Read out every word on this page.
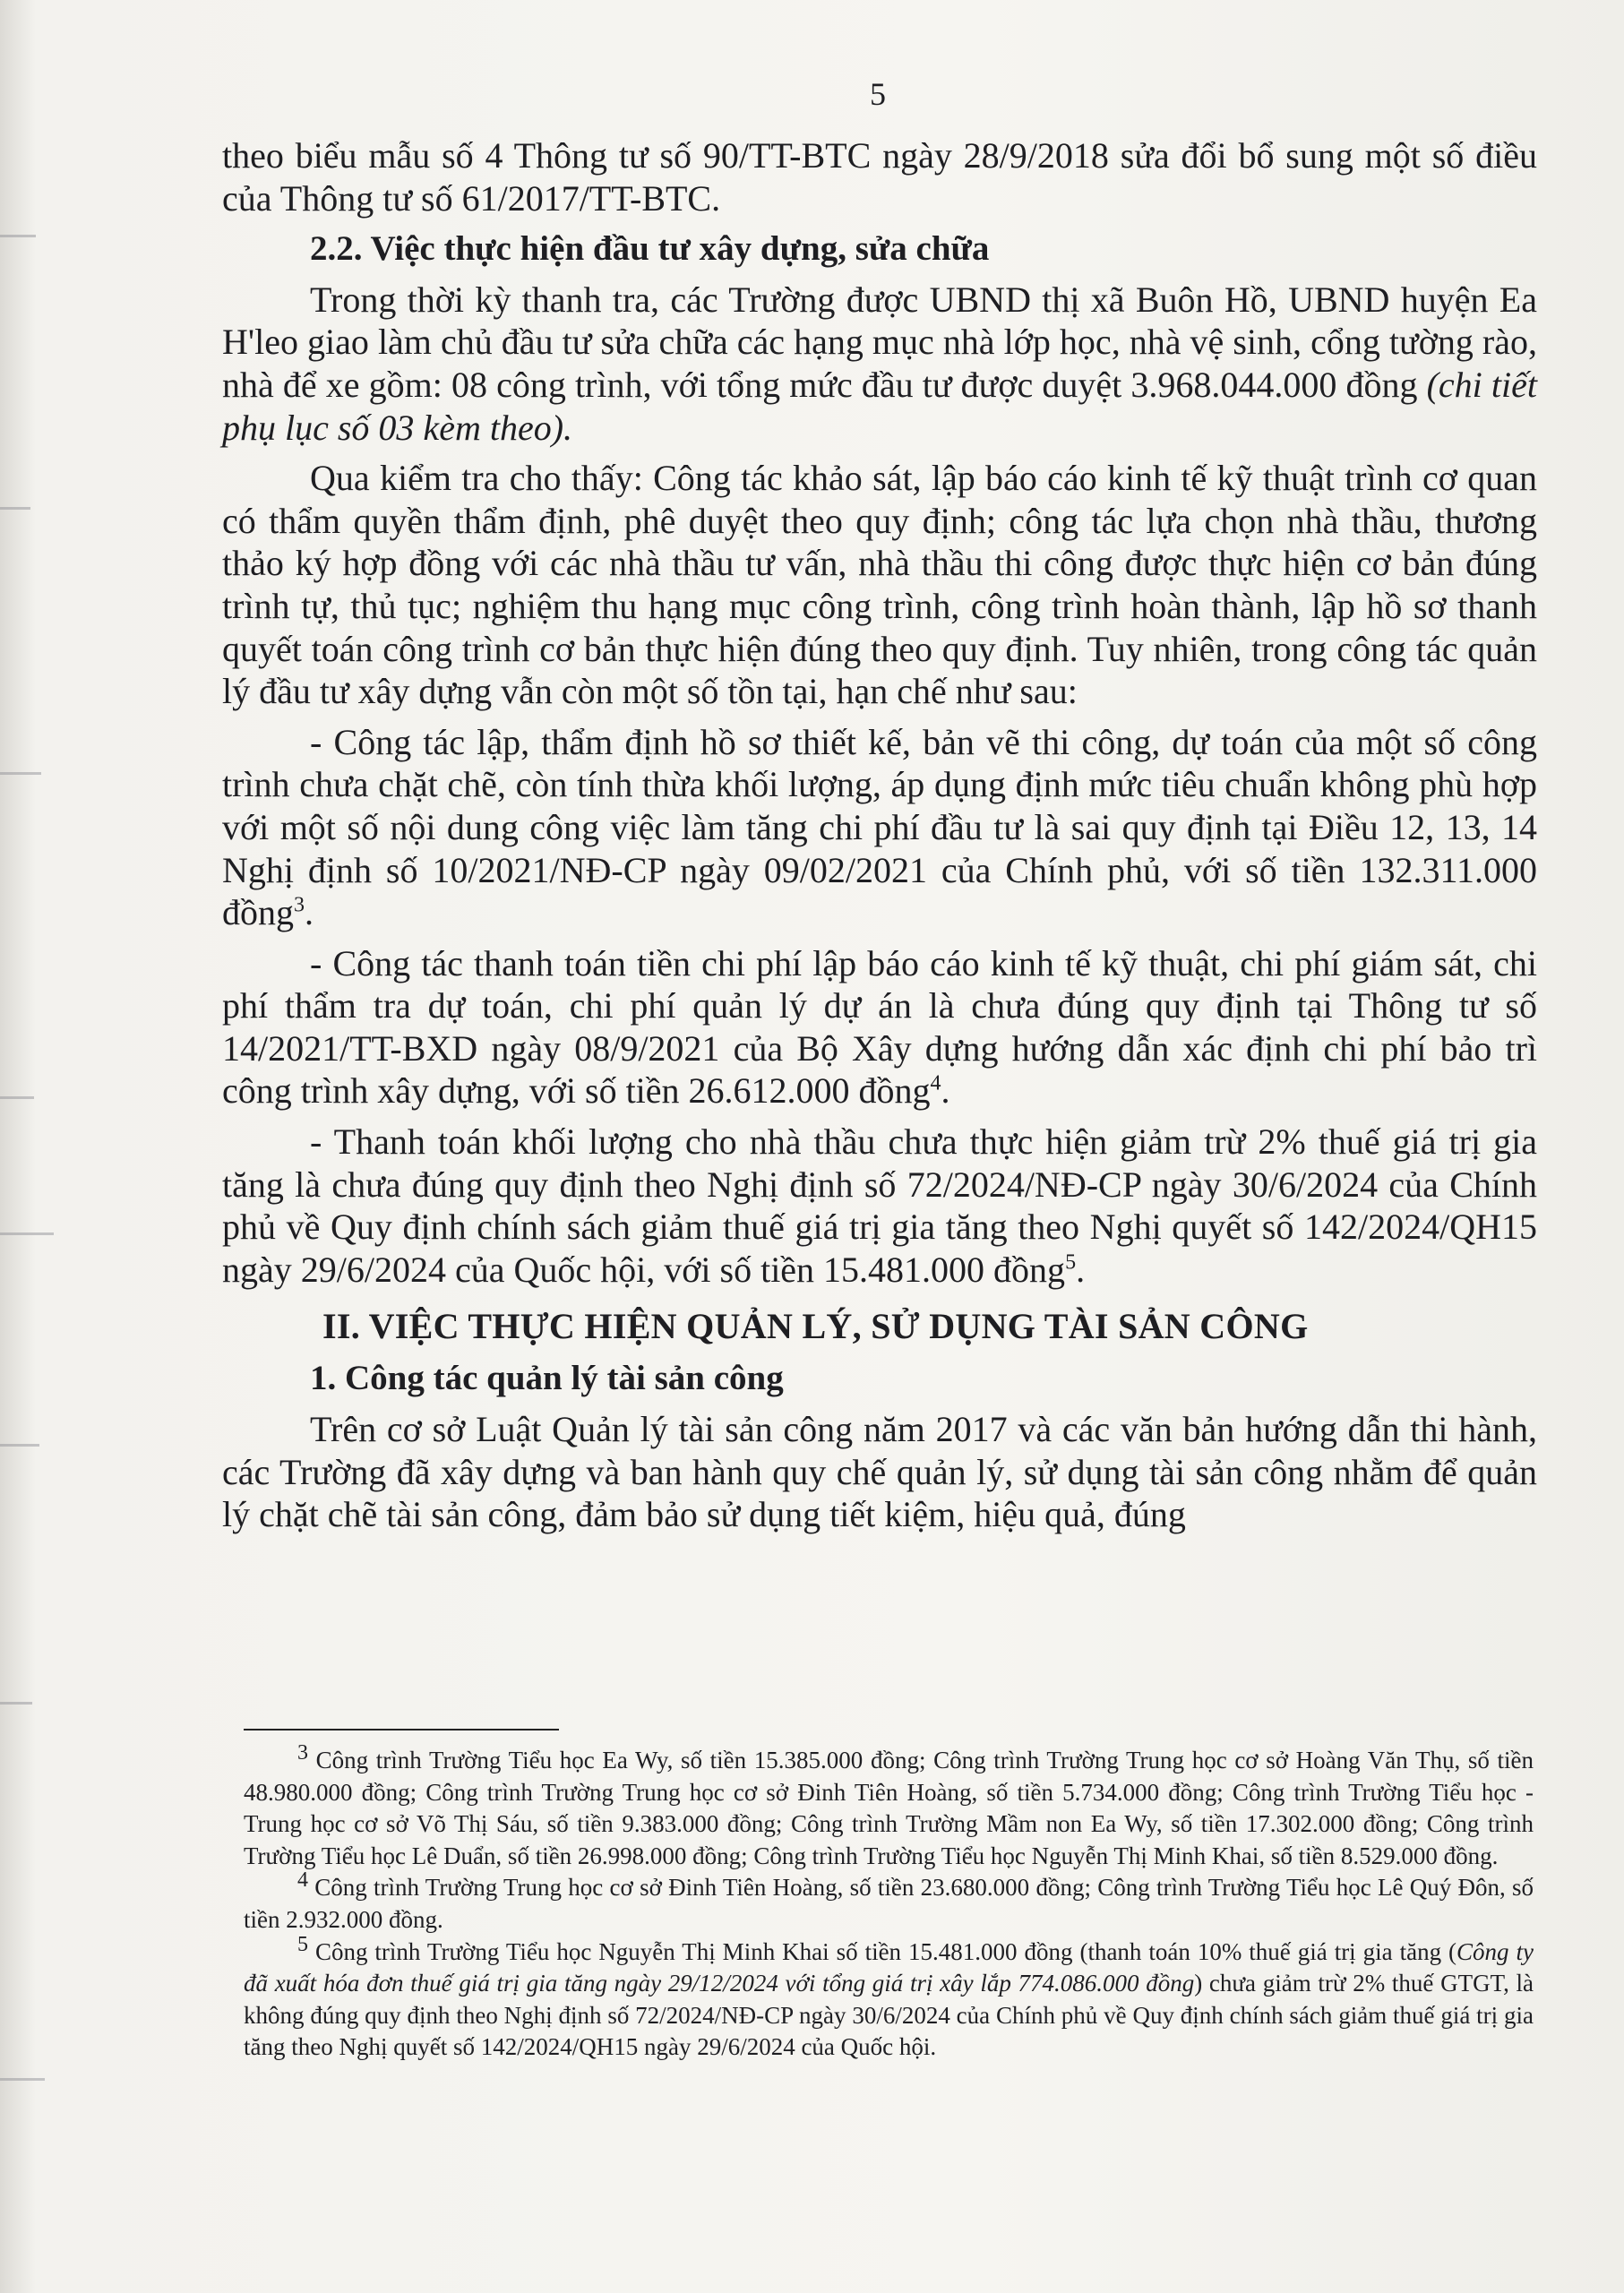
5

theo biểu mẫu số 4 Thông tư số 90/TT-BTC ngày 28/9/2018 sửa đổi bổ sung một số điều của Thông tư số 61/2017/TT-BTC.

2.2. Việc thực hiện đầu tư xây dựng, sửa chữa

Trong thời kỳ thanh tra, các Trường được UBND thị xã Buôn Hồ, UBND huyện Ea H'leo giao làm chủ đầu tư sửa chữa các hạng mục nhà lớp học, nhà vệ sinh, cổng tường rào, nhà để xe gồm: 08 công trình, với tổng mức đầu tư được duyệt 3.968.044.000 đồng (chi tiết phụ lục số 03 kèm theo).

Qua kiểm tra cho thấy: Công tác khảo sát, lập báo cáo kinh tế kỹ thuật trình cơ quan có thẩm quyền thẩm định, phê duyệt theo quy định; công tác lựa chọn nhà thầu, thương thảo ký hợp đồng với các nhà thầu tư vấn, nhà thầu thi công được thực hiện cơ bản đúng trình tự, thủ tục; nghiệm thu hạng mục công trình, công trình hoàn thành, lập hồ sơ thanh quyết toán công trình cơ bản thực hiện đúng theo quy định. Tuy nhiên, trong công tác quản lý đầu tư xây dựng vẫn còn một số tồn tại, hạn chế như sau:

- Công tác lập, thẩm định hồ sơ thiết kế, bản vẽ thi công, dự toán của một số công trình chưa chặt chẽ, còn tính thừa khối lượng, áp dụng định mức tiêu chuẩn không phù hợp với một số nội dung công việc làm tăng chi phí đầu tư là sai quy định tại Điều 12, 13, 14 Nghị định số 10/2021/NĐ-CP ngày 09/02/2021 của Chính phủ, với số tiền 132.311.000 đồng$^3$.

- Công tác thanh toán tiền chi phí lập báo cáo kinh tế kỹ thuật, chi phí giám sát, chi phí thẩm tra dự toán, chi phí quản lý dự án là chưa đúng quy định tại Thông tư số 14/2021/TT-BXD ngày 08/9/2021 của Bộ Xây dựng hướng dẫn xác định chi phí bảo trì công trình xây dựng, với số tiền 26.612.000 đồng$^4$.

- Thanh toán khối lượng cho nhà thầu chưa thực hiện giảm trừ 2% thuế giá trị gia tăng là chưa đúng quy định theo Nghị định số 72/2024/NĐ-CP ngày 30/6/2024 của Chính phủ về Quy định chính sách giảm thuế giá trị gia tăng theo Nghị quyết số 142/2024/QH15 ngày 29/6/2024 của Quốc hội, với số tiền 15.481.000 đồng$^5$.

II. VIỆC THỰC HIỆN QUẢN LÝ, SỬ DỤNG TÀI SẢN CÔNG
1. Công tác quản lý tài sản công

Trên cơ sở Luật Quản lý tài sản công năm 2017 và các văn bản hướng dẫn thi hành, các Trường đã xây dựng và ban hành quy chế quản lý, sử dụng tài sản công nhằm để quản lý chặt chẽ tài sản công, đảm bảo sử dụng tiết kiệm, hiệu quả, đúng

$^3$ Công trình Trường Tiểu học Ea Wy, số tiền 15.385.000 đồng; Công trình Trường Trung học cơ sở Hoàng Văn Thụ, số tiền 48.980.000 đồng; Công trình Trường Trung học cơ sở Đinh Tiên Hoàng, số tiền 5.734.000 đồng; Công trình Trường Tiểu học - Trung học cơ sở Võ Thị Sáu, số tiền 9.383.000 đồng; Công trình Trường Mầm non Ea Wy, số tiền 17.302.000 đồng; Công trình Trường Tiểu học Lê Duẩn, số tiền 26.998.000 đồng; Công trình Trường Tiểu học Nguyễn Thị Minh Khai, số tiền 8.529.000 đồng.

$^4$ Công trình Trường Trung học cơ sở Đinh Tiên Hoàng, số tiền 23.680.000 đồng; Công trình Trường Tiểu học Lê Quý Đôn, số tiền 2.932.000 đồng.

$^5$ Công trình Trường Tiểu học Nguyễn Thị Minh Khai số tiền 15.481.000 đồng (thanh toán 10% thuế giá trị gia tăng (Công ty đã xuất hóa đơn thuế giá trị gia tăng ngày 29/12/2024 với tổng giá trị xây lắp 774.086.000 đồng) chưa giảm trừ 2% thuế GTGT, là không đúng quy định theo Nghị định số 72/2024/NĐ-CP ngày 30/6/2024 của Chính phủ về Quy định chính sách giảm thuế giá trị gia tăng theo Nghị quyết số 142/2024/QH15 ngày 29/6/2024 của Quốc hội.
